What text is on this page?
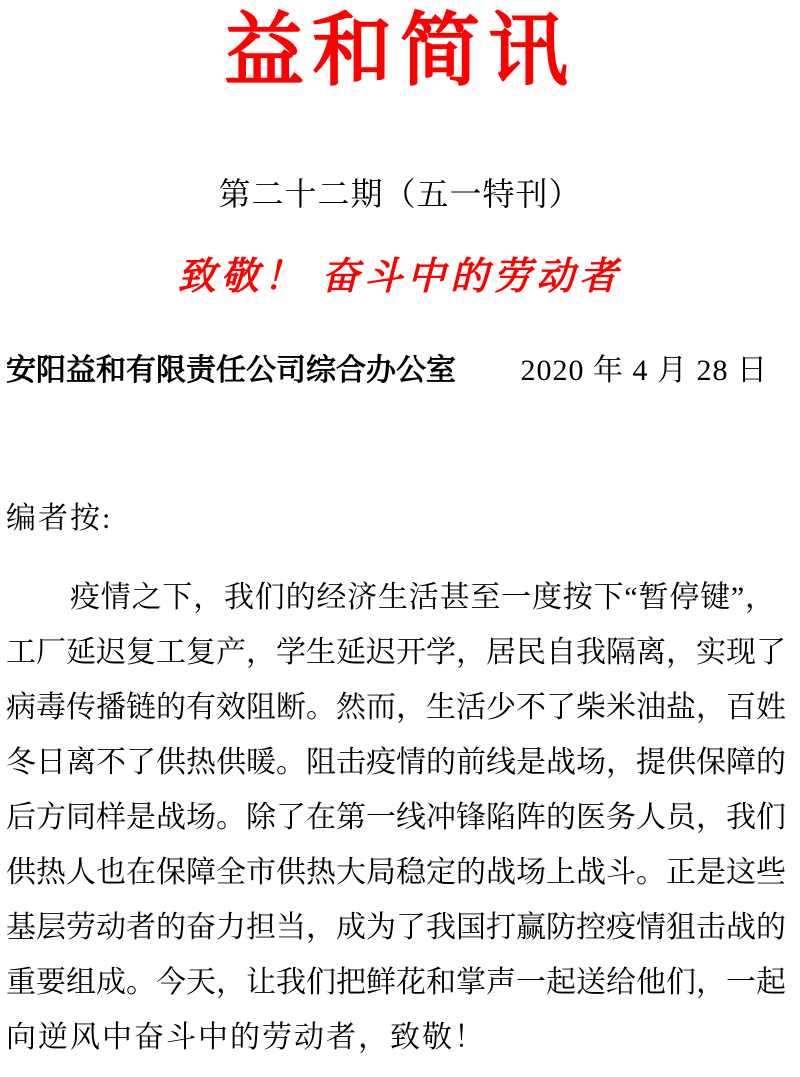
益和简讯
第二十二期（五一特刊）
致敬！ 奋斗中的劳动者
安阳益和有限责任公司综合办公室 2020 年 4 月 28 日
编者按:
疫情之下，我们的经济生活甚至一度按下“暂停键”，
工厂延迟复工复产，学生延迟开学，居民自我隔离，实现了
病毒传播链的有效阻断。然而，生活少不了柴米油盐，百姓
冬日离不了供热供暖。阻击疫情的前线是战场，提供保障的
后方同样是战场。除了在第一线冲锋陷阵的医务人员，我们
供热人也在保障全市供热大局稳定的战场上战斗。正是这些
基层劳动者的奋力担当，成为了我国打赢防控疫情狙击战的
重要组成。今天，让我们把鲜花和掌声一起送给他们，一起
向逆风中奋斗中的劳动者，致敬！
